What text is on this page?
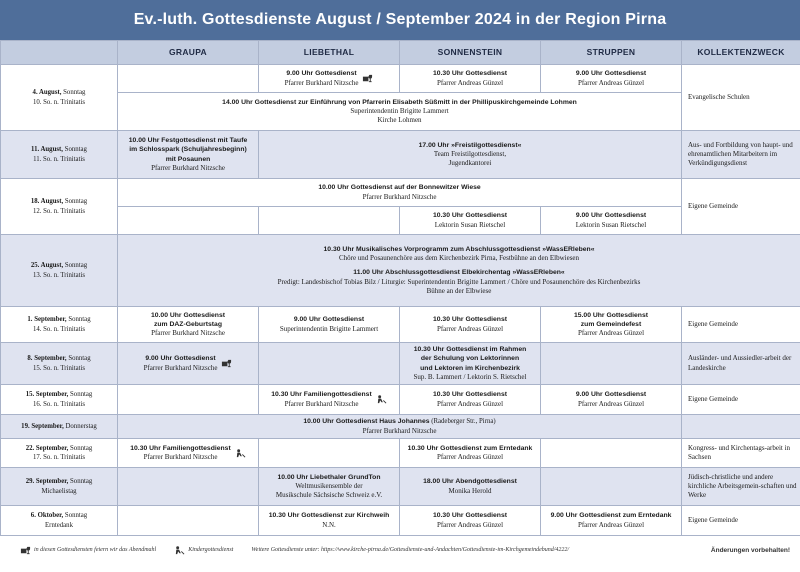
Ev.-luth. Gottesdienste August / September 2024 in der Region Pirna
	GRAUPA	LIEBETHAL	SONNENSTEIN	STRUPPEN	KOLLEKTENZWECK
4. August, Sonntag
10. So. n. Trinitatis		9.00 Uhr Gottesdienst
Pfarrer Burkhard Nitzsche	10.30 Uhr Gottesdienst
Pfarrer Andreas Günzel	9.00 Uhr Gottesdienst
Pfarrer Andreas Günzel	Evangelische Schulen

	14.00 Uhr Gottesdienst zur Einführung von Pfarrerin Elisabeth Süßmitt in der Phillipuskirchgemeinde Lohmen
Superintendentin Brigitte Lammert
Kirche Lohmen				

11. August, Sonntag
11. So. n. Trinitatis	10.00 Uhr Festgottesdienst mit Taufe
im Schlosspark (Schuljahresbeginn)
mit Posaunen
Pfarrer Burkhard Nitzsche	17.00 Uhr »Freistilgottesdienst«
Team Freistilgottesdienst,
Jugendkantorei			Aus- und Fortbildung von haupt- und ehrenamtlichen Mitarbeitern im Verkündigungsdienst
18. August, Sonntag
12. So. n. Trinitatis	10.00 Uhr Gottesdienst auf der Bonnewitzer Wiese
Pfarrer Burkhard Nitzsche				Eigene Gemeinde

			10.30 Uhr Gottesdienst
Lektorin Susan Rietschel	9.00 Uhr Gottesdienst
Lektorin Susan Rietschel	

25. August, Sonntag
13. So. n. Trinitatis	10.30 Uhr Musikalisches Vorprogramm zum Abschlussgottesdienst »WassERleben«
Chöre und Posaunenchöre aus dem Kirchenbezirk Pirna, Festbühne an den Elbwiesen
11.00 Uhr Abschlussgottesdienst Elbekirchentag »WassERleben«
Predigt: Landesbischof Tobias Bilz / Liturgie: Superintendentin Brigitte Lammert / Chöre und Posaunenchöre des Kirchenbezirks
Bühne an der Elbwiese				

1. September, Sonntag
14. So. n. Trinitatis	10.00 Uhr Gottesdienst
zum DAZ-Geburtstag
Pfarrer Burkhard Nitzsche	9.00 Uhr Gottesdienst
Superintendentin Brigitte Lammert	10.30 Uhr Gottesdienst
Pfarrer Andreas Günzel	15.00 Uhr Gottesdienst
zum Gemeindefest
Pfarrer Andreas Günzel	Eigene Gemeinde
8. September, Sonntag
15. So. n. Trinitatis	9.00 Uhr Gottesdienst
Pfarrer Burkhard Nitzsche		10.30 Uhr Gottesdienst im Rahmen
der Schulung von Lektorinnen
und Lektoren im Kirchenbezirk
Sup. B. Lammert / Lektorin S. Rietschel		Ausländer- und Aussiedler-arbeit der Landeskirche
15. September, Sonntag
16. So. n. Trinitatis		10.30 Uhr Familiengottesdienst
Pfarrer Burkhard Nitzsche	10.30 Uhr Gottesdienst
Pfarrer Andreas Günzel	9.00 Uhr Gottesdienst
Pfarrer Andreas Günzel	Eigene Gemeinde
19. September, Donnerstag	10.00 Uhr Gottesdienst Haus Johannes (Radeberger Str., Pirna)
Pfarrer Burkhard Nitzsche				

22. September, Sonntag
17. So. n. Trinitatis	10.30 Uhr Familiengottesdienst
Pfarrer Burkhard Nitzsche		10.30 Uhr Gottesdienst zum Erntedank
Pfarrer Andreas Günzel		Kongress- und Kirchentags-arbeit in Sachsen
29. September, Sonntag
Michaelistag		10.00 Uhr Liebethaler GrundTon
Weltmusikensemble der
Musikschule Sächsische Schweiz e.V.	18.00 Uhr Abendgottesdienst
Monika Herold		Jüdisch-christliche und andere kirchliche Arbeitsgemein-schaften und Werke
6. Oktober, Sonntag
Erntedank		10.30 Uhr Gottesdienst zur Kirchweih
N.N.	10.30 Uhr Gottesdienst
Pfarrer Andreas Günzel	9.00 Uhr Gottesdienst zum Erntedank
Pfarrer Andreas Günzel	Eigene Gemeinde
in diesen Gottesdiensten feiern wir das Abendmahl	Kindergottesdienst	Weitere Gottesdienste unter: https://www.kirche-pirna.de/Gottesdienste-und-Andachten/Gottesdienste-im-Kirchgemeindebund/4222/	Änderungen vorbehalten!
